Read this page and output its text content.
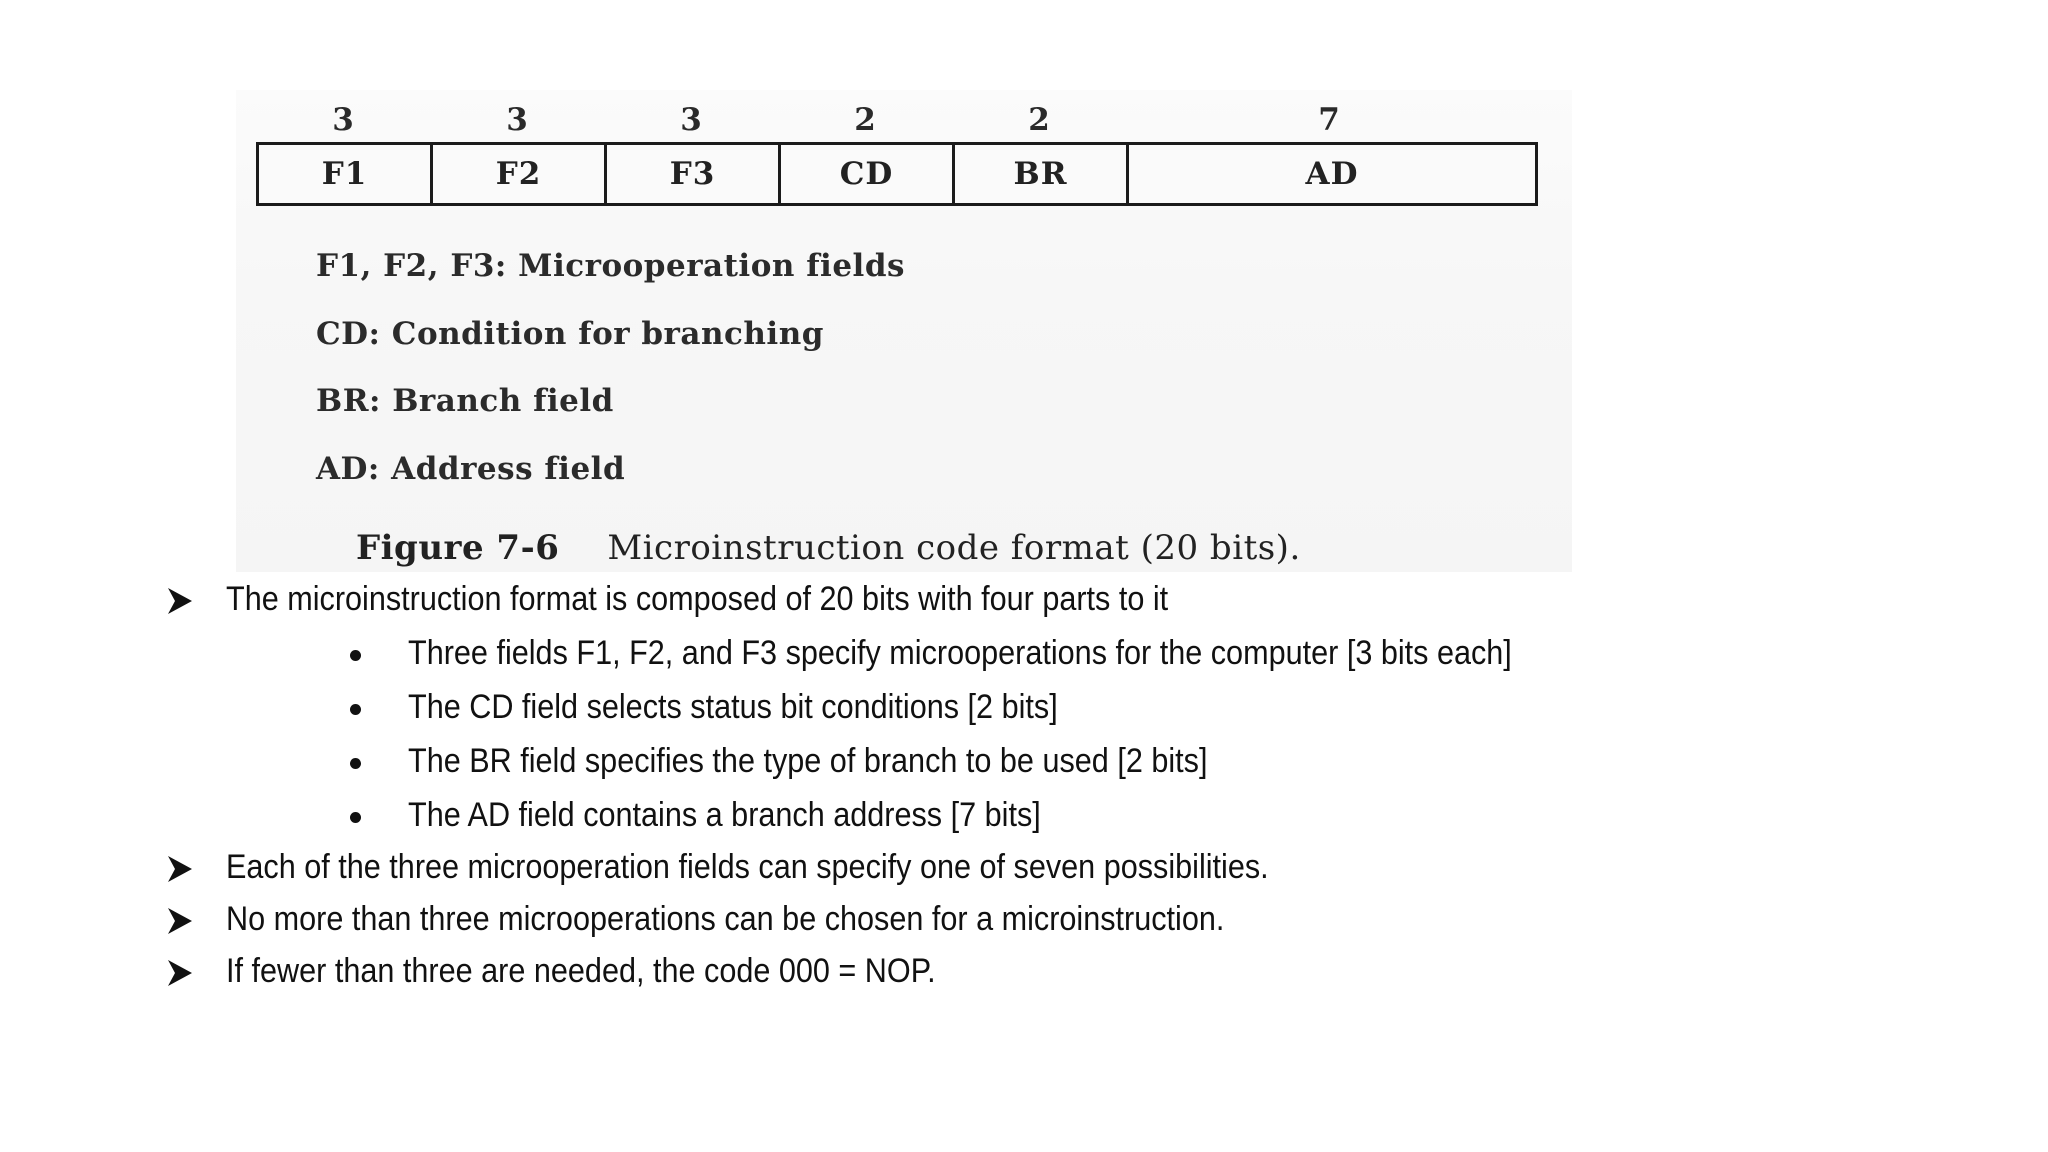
3	3	3	2	2	7
F1	F2	F3	CD	BR	AD
F1, F2, F3: Microoperation fields
CD: Condition for branching
BR: Branch field
AD: Address field
Figure 7-6 Microinstruction code format (20 bits).
The microinstruction format is composed of 20 bits with four parts to it
Three fields F1, F2, and F3 specify microoperations for the computer [3 bits each]
The CD field selects status bit conditions [2 bits]
The BR field specifies the type of branch to be used [2 bits]
The AD field contains a branch address [7 bits]
Each of the three microoperation fields can specify one of seven possibilities.
No more than three microoperations can be chosen for a microinstruction.
If fewer than three are needed, the code 000 = NOP.
